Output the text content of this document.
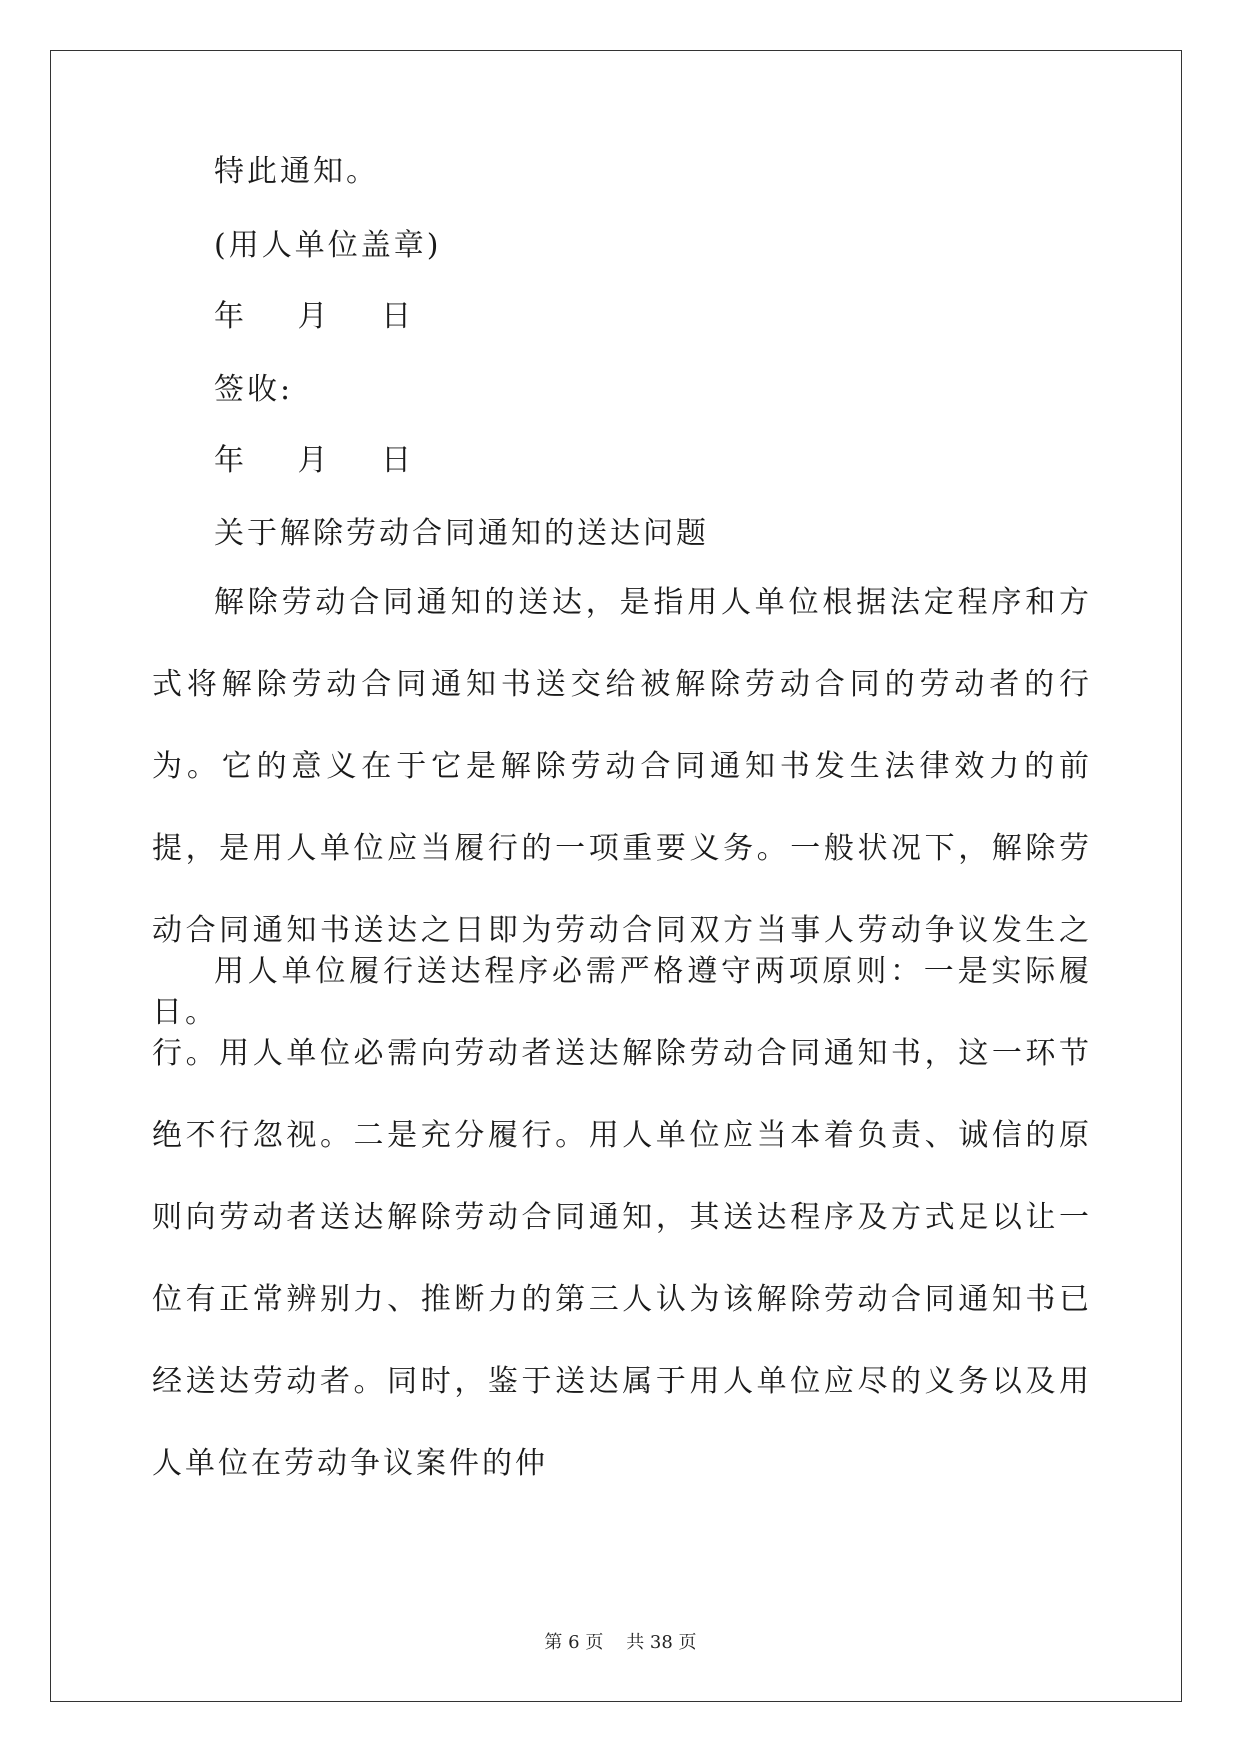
特此通知。
(用人单位盖章)
年 月 日
签收:
年 月 日
关于解除劳动合同通知的送达问题

解除劳动合同通知的送达，是指用人单位根据法定程序和方式将解除劳动合同通知书送交给被解除劳动合同的劳动者的行为。它的意义在于它是解除劳动合同通知书发生法律效力的前提，是用人单位应当履行的一项重要义务。一般状况下，解除劳动合同通知书送达之日即为劳动合同双方当事人劳动争议发生之日。

用人单位履行送达程序必需严格遵守两项原则：一是实际履行。用人单位必需向劳动者送达解除劳动合同通知书，这一环节绝不行忽视。二是充分履行。用人单位应当本着负责、诚信的原则向劳动者送达解除劳动合同通知，其送达程序及方式足以让一位有正常辨别力、推断力的第三人认为该解除劳动合同通知书已经送达劳动者。同时，鉴于送达属于用人单位应尽的义务以及用人单位在劳动争议案件的仲

第 6 页    共 38 页
